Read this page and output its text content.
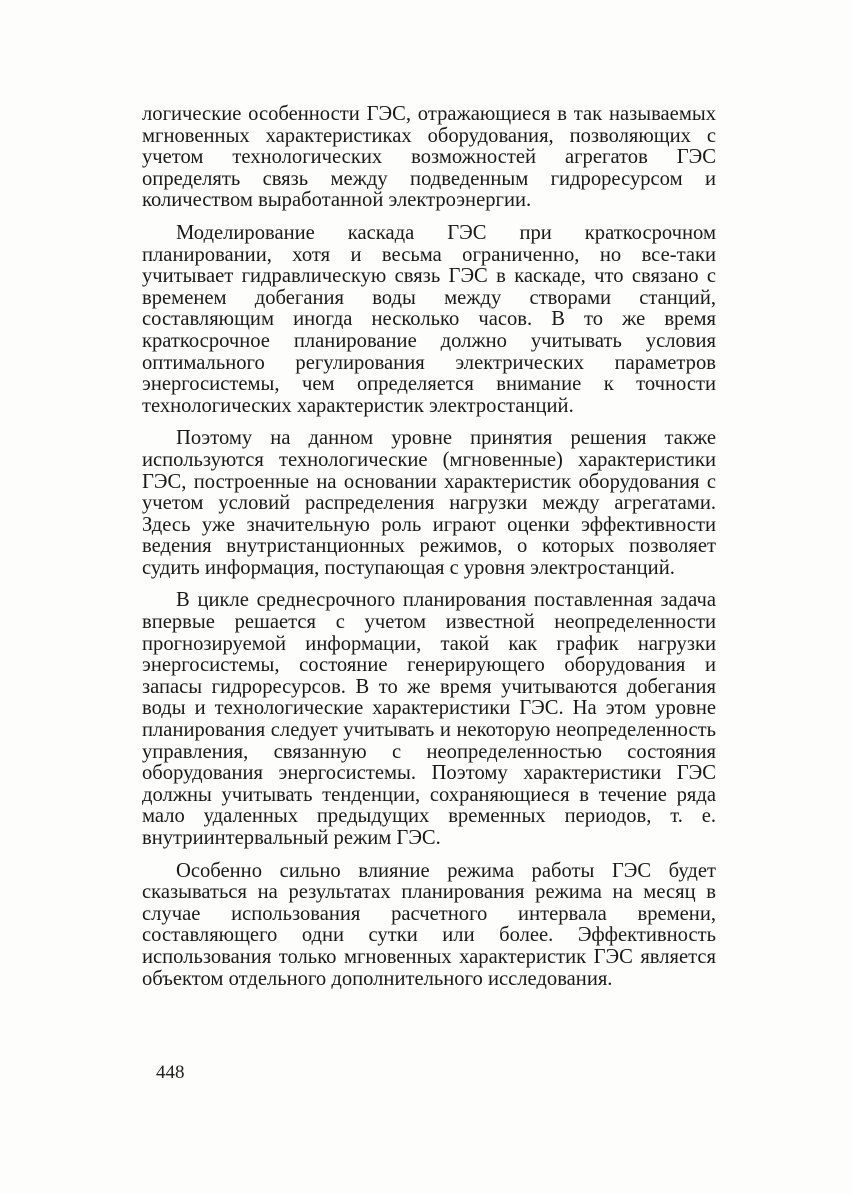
логические особенности ГЭС, отражающиеся в так называемых мгновенных характеристиках оборудования, позволяющих с учетом технологических возможностей агрегатов ГЭС определять связь между подведенным гидроресурсом и количеством выработанной электроэнергии.

Моделирование каскада ГЭС при краткосрочном планировании, хотя и весьма ограниченно, но все-таки учитывает гидравлическую связь ГЭС в каскаде, что связано с временем добегания воды между створами станций, составляющим иногда несколько часов. В то же время краткосрочное планирование должно учитывать условия оптимального регулирования электрических параметров энергосистемы, чем определяется внимание к точности технологических характеристик электростанций.

Поэтому на данном уровне принятия решения также используются технологические (мгновенные) характеристики ГЭС, построенные на основании характеристик оборудования с учетом условий распределения нагрузки между агрегатами. Здесь уже значительную роль играют оценки эффективности ведения внутристанционных режимов, о которых позволяет судить информация, поступающая с уровня электростанций.

В цикле среднесрочного планирования поставленная задача впервые решается с учетом известной неопределенности прогнозируемой информации, такой как график нагрузки энергосистемы, состояние генерирующего оборудования и запасы гидроресурсов. В то же время учитываются добегания воды и технологические характеристики ГЭС. На этом уровне планирования следует учитывать и некоторую неопределенность управления, связанную с неопределенностью состояния оборудования энергосистемы. Поэтому характеристики ГЭС должны учитывать тенденции, сохраняющиеся в течение ряда мало удаленных предыдущих временных периодов, т. е. внутриинтервальный режим ГЭС.

Особенно сильно влияние режима работы ГЭС будет сказываться на результатах планирования режима на месяц в случае использования расчетного интервала времени, составляющего одни сутки или более. Эффективность использования только мгновенных характеристик ГЭС является объектом отдельного дополнительного исследования.

448
